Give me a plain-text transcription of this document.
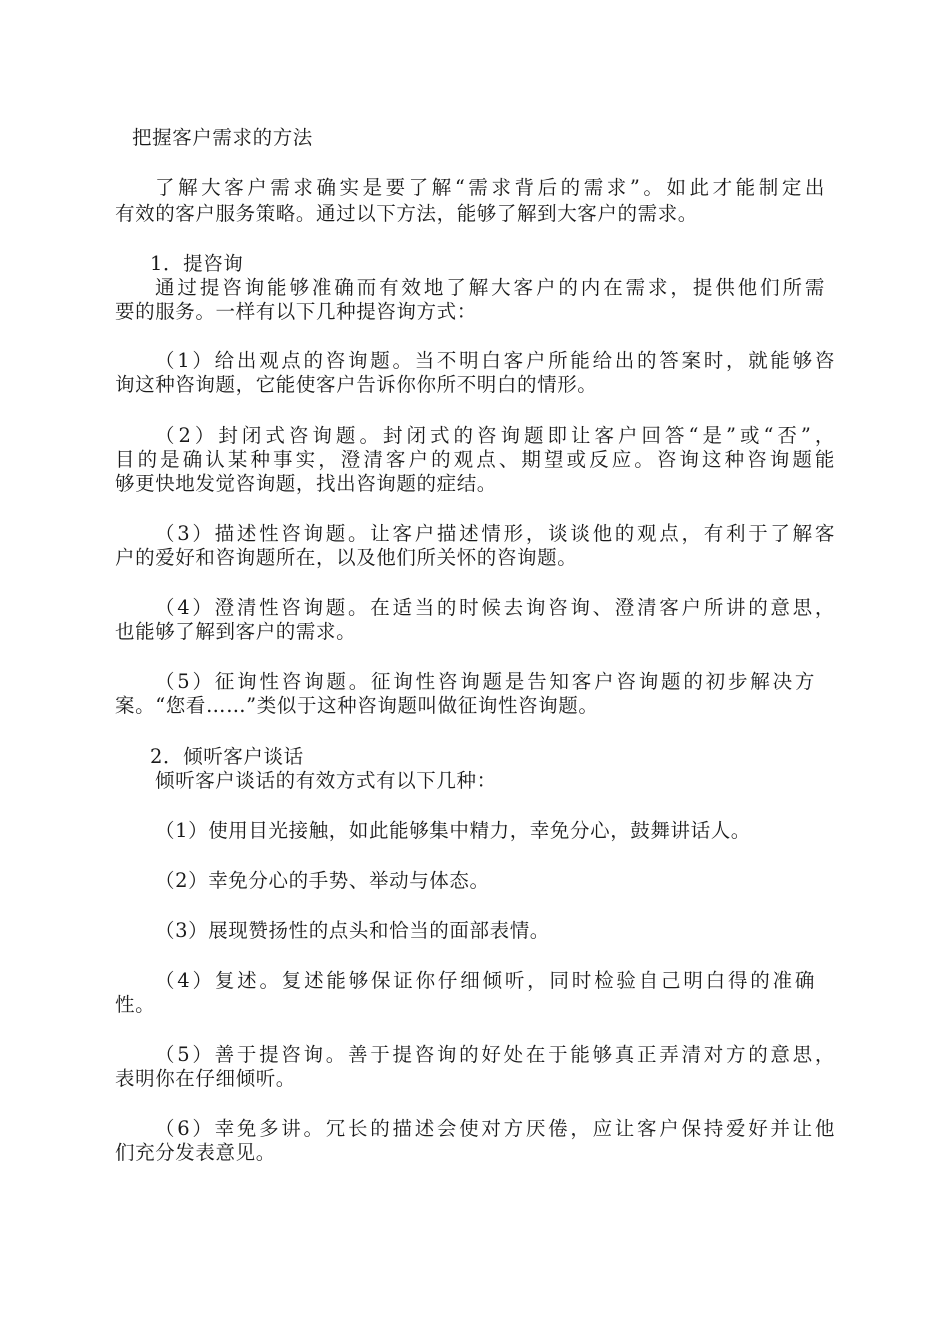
把握客户需求的方法
了解大客户需求确实是要了解“需求背后的需求”。如此才能制定出
有效的客户服务策略。通过以下方法，能够了解到大客户的需求。
1．提咨询
通过提咨询能够准确而有效地了解大客户的内在需求，提供他们所需
要的服务。一样有以下几种提咨询方式：
（1）给出观点的咨询题。当不明白客户所能给出的答案时，就能够咨
询这种咨询题，它能使客户告诉你你所不明白的情形。
（2）封闭式咨询题。封闭式的咨询题即让客户回答“是”或“否”，
目的是确认某种事实，澄清客户的观点、期望或反应。咨询这种咨询题能
够更快地发觉咨询题，找出咨询题的症结。
（3）描述性咨询题。让客户描述情形，谈谈他的观点，有利于了解客
户的爱好和咨询题所在，以及他们所关怀的咨询题。
（4）澄清性咨询题。在适当的时候去询咨询、澄清客户所讲的意思，
也能够了解到客户的需求。
（5）征询性咨询题。征询性咨询题是告知客户咨询题的初步解决方
案。“您看……”类似于这种咨询题叫做征询性咨询题。
2．倾听客户谈话
倾听客户谈话的有效方式有以下几种：
（1）使用目光接触，如此能够集中精力，幸免分心，鼓舞讲话人。
（2）幸免分心的手势、举动与体态。
（3）展现赞扬性的点头和恰当的面部表情。
（4）复述。复述能够保证你仔细倾听，同时检验自己明白得的准确
性。
（5）善于提咨询。善于提咨询的好处在于能够真正弄清对方的意思，
表明你在仔细倾听。
（6）幸免多讲。冗长的描述会使对方厌倦，应让客户保持爱好并让他
们充分发表意见。
